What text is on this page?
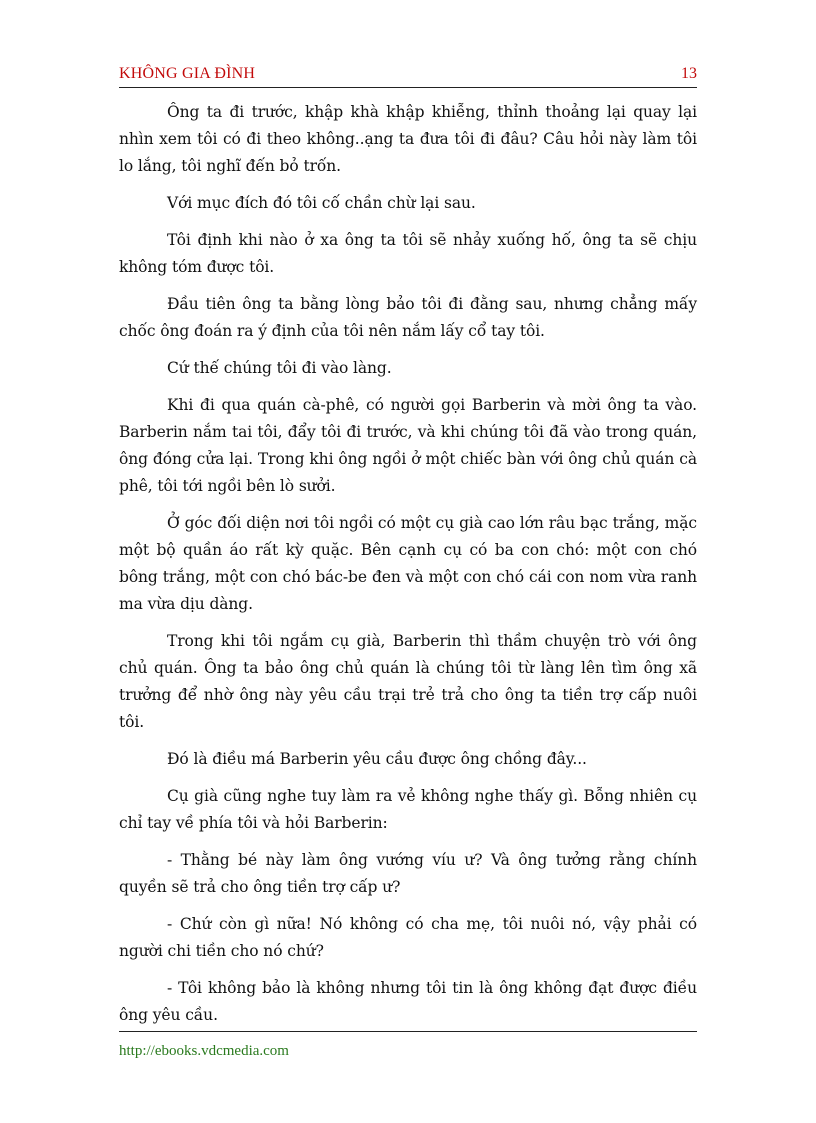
KHÔNG GIA ĐÌNH	13

Ông ta đi trước, khập khà khập khiễng, thỉnh thoảng lại quay lại nhìn xem tôi có đi theo không..ạng ta đưa tôi đi đâu? Câu hỏi này làm tôi lo lắng, tôi nghĩ đến bỏ trốn.

Với mục đích đó tôi cố chần chừ lại sau.

Tôi định khi nào ở xa ông ta tôi sẽ nhảy xuống hố, ông ta sẽ chịu không tóm được tôi.

Đầu tiên ông ta bằng lòng bảo tôi đi đằng sau, nhưng chẳng mấy chốc ông đoán ra ý định của tôi nên nắm lấy cổ tay tôi.

Cứ thế chúng tôi đi vào làng.

Khi đi qua quán cà-phê, có người gọi Barberin và mời ông ta vào. Barberin nắm tai tôi, đẩy tôi đi trước, và khi chúng tôi đã vào trong quán, ông đóng cửa lại. Trong khi ông ngồi ở một chiếc bàn với ông chủ quán cà phê, tôi tới ngồi bên lò sưởi.

Ở góc đối diện nơi tôi ngồi có một cụ già cao lớn râu bạc trắng, mặc một bộ quần áo rất kỳ quặc. Bên cạnh cụ có ba con chó: một con chó bông trắng, một con chó bác-be đen và một con chó cái con nom vừa ranh ma vừa dịu dàng.

Trong khi tôi ngắm cụ già, Barberin thì thầm chuyện trò với ông chủ quán. Ông ta bảo ông chủ quán là chúng tôi từ làng lên tìm ông xã trưởng để nhờ ông này yêu cầu trại trẻ trả cho ông ta tiền trợ cấp nuôi tôi.

Đó là điều má Barberin yêu cầu được ông chồng đây...

Cụ già cũng nghe tuy làm ra vẻ không nghe thấy gì. Bỗng nhiên cụ chỉ tay về phía tôi và hỏi Barberin:

- Thằng bé này làm ông vướng víu ư? Và ông tưởng rằng chính quyền sẽ trả cho ông tiền trợ cấp ư?

- Chứ còn gì nữa! Nó không có cha mẹ, tôi nuôi nó, vậy phải có người chi tiền cho nó chứ?

- Tôi không bảo là không nhưng tôi tin là ông không đạt được điều ông yêu cầu.

http://ebooks.vdcmedia.com
